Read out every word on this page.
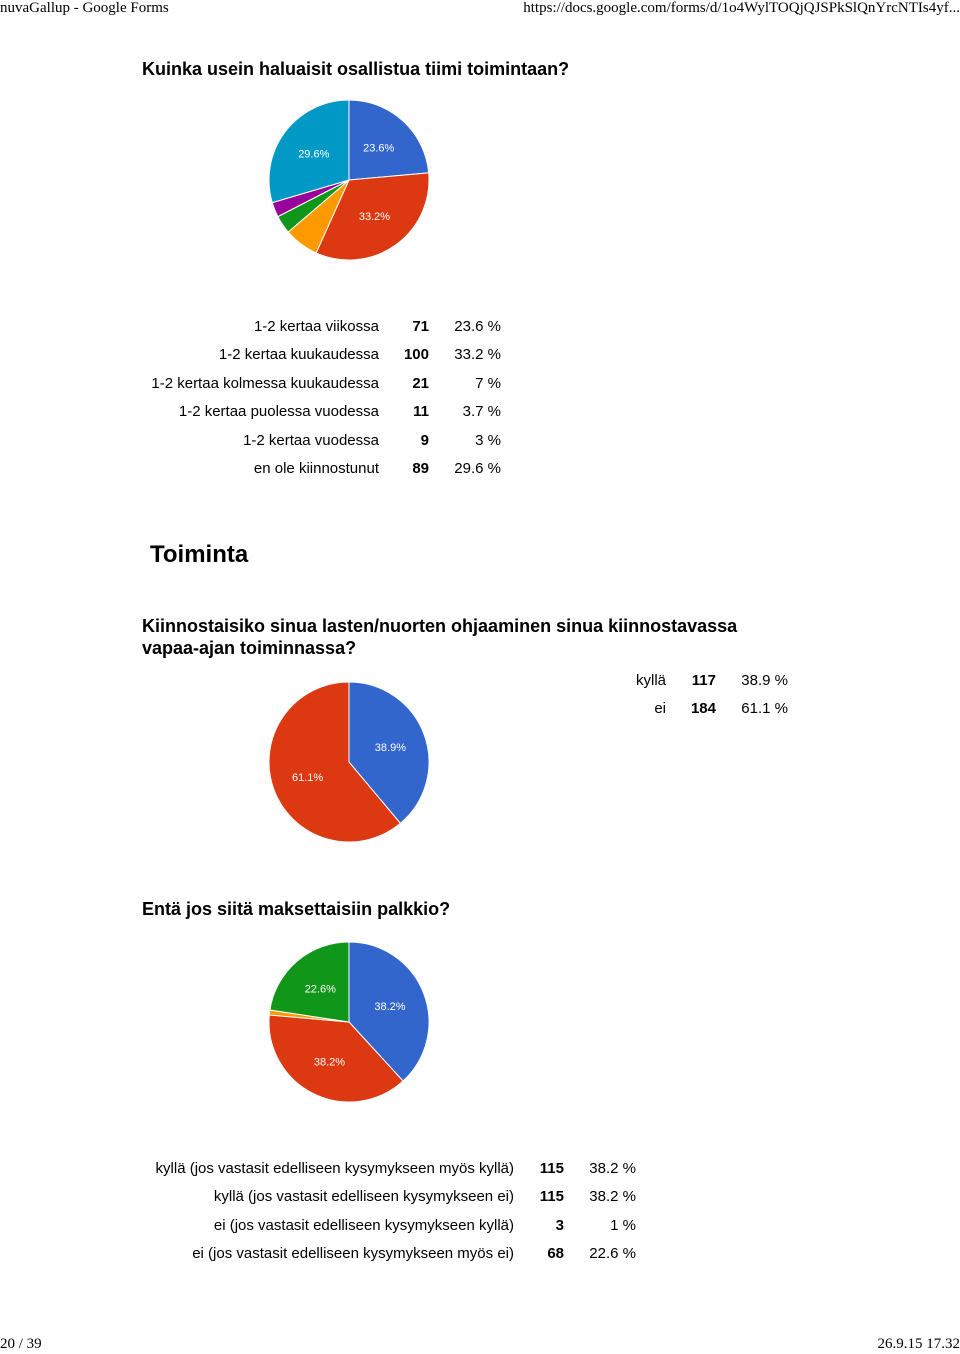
nuvaGallup - Google Forms	https://docs.google.com/forms/d/1o4WylTOQjQJSPkSlQnYrcNTIs4yf...
Kuinka usein haluaisit osallistua tiimi toimintaan?
23.6%
33.2%
29.6%
1-2 kertaa viikossa	71	23.6 %
1-2 kertaa kuukaudessa	100	33.2 %
1-2 kertaa kolmessa kuukaudessa	21	7 %
1-2 kertaa puolessa vuodessa	11	3.7 %
1-2 kertaa vuodessa	9	3 %
en ole kiinnostunut	89	29.6 %
Toiminta
Kiinnostaisiko sinua lasten/nuorten ohjaaminen sinua kiinnostavassa
vapaa-ajan toiminnassa?
38.9%
61.1%
kyllä	117	38.9 %
ei	184	61.1 %
Entä jos siitä maksettaisiin palkkio?
38.2%
38.2%
22.6%
kyllä (jos vastasit edelliseen kysymykseen myös kyllä)	115	38.2 %
kyllä (jos vastasit edelliseen kysymykseen ei)	115	38.2 %
ei (jos vastasit edelliseen kysymykseen kyllä)	3	1 %
ei (jos vastasit edelliseen kysymykseen myös ei)	68	22.6 %
20 / 39	26.9.15 17.32
